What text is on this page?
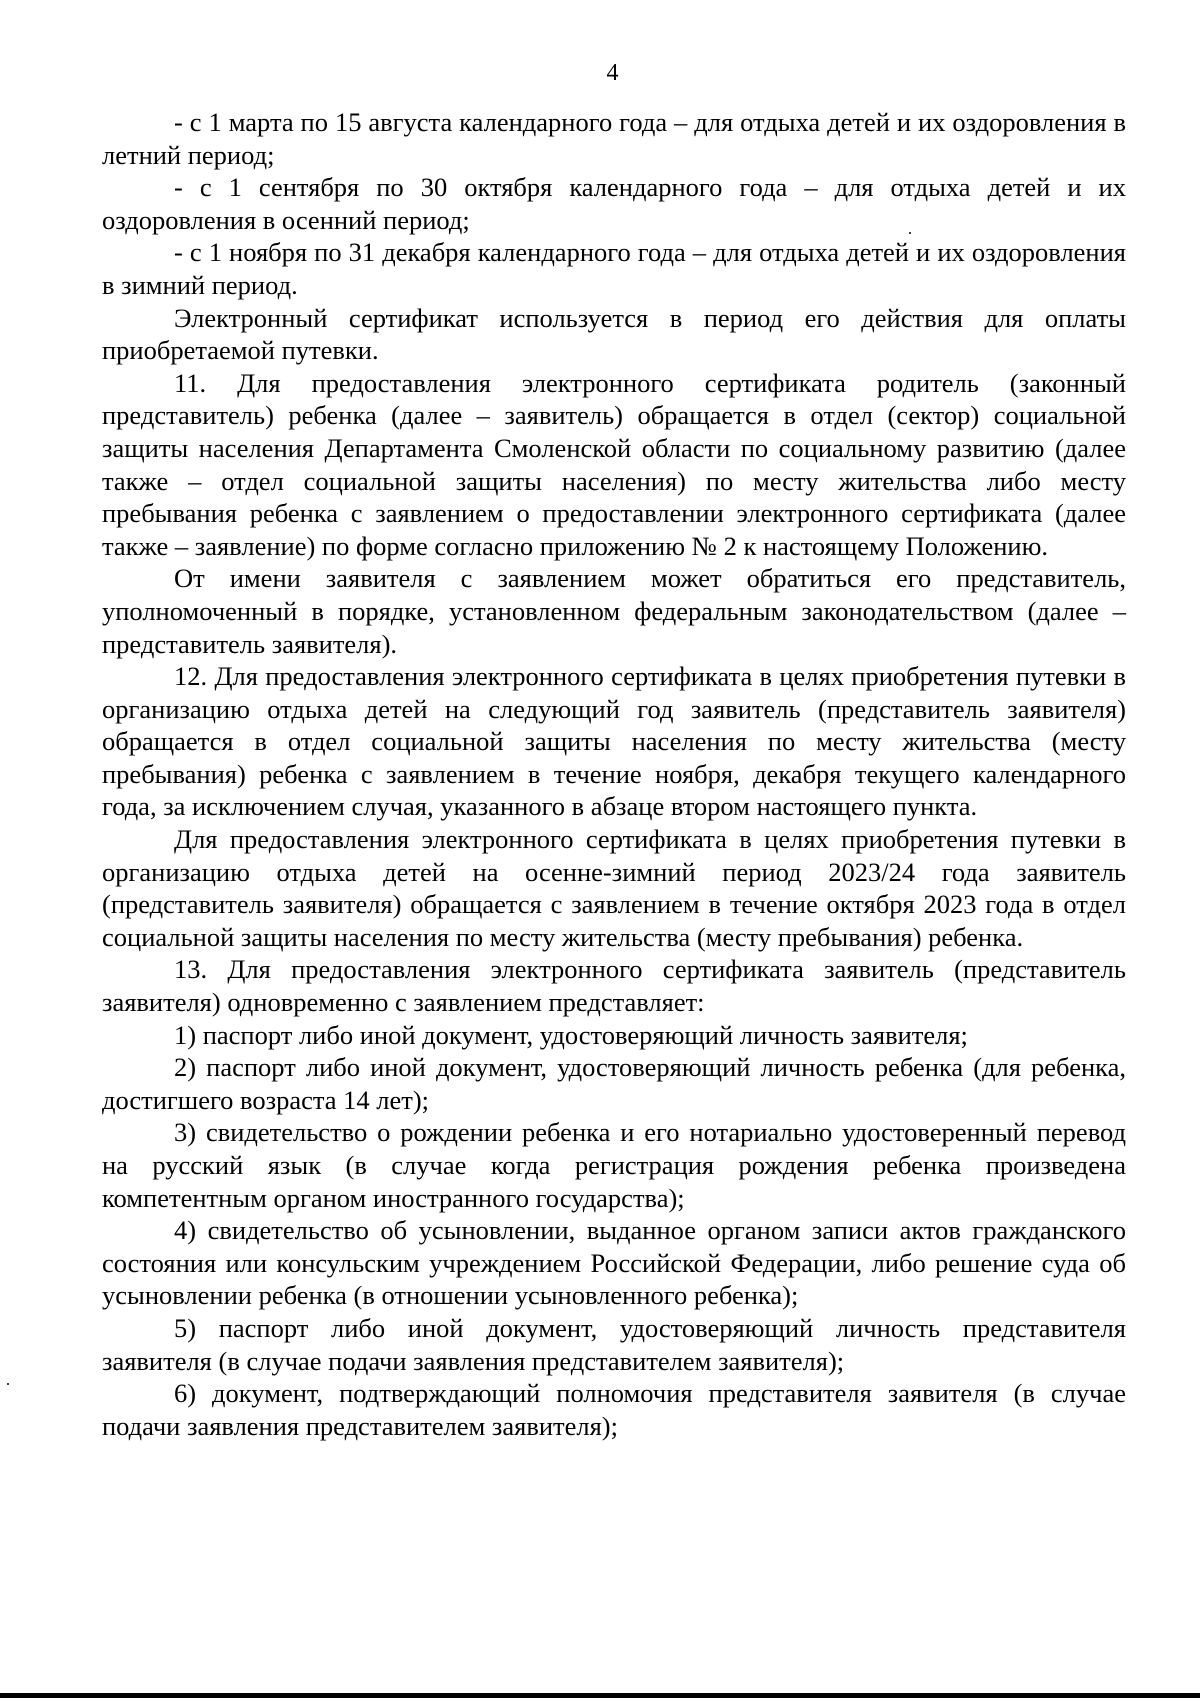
4

- с 1 марта по 15 августа календарного года – для отдыха детей и их оздоровления в летний период;

- с 1 сентября по 30 октября календарного года – для отдыха детей и их оздоровления в осенний период;

- с 1 ноября по 31 декабря календарного года – для отдыха детей и их оздоровления в зимний период.

Электронный сертификат используется в период его действия для оплаты приобретаемой путевки.

11. Для предоставления электронного сертификата родитель (законный представитель) ребенка (далее – заявитель) обращается в отдел (сектор) социальной защиты населения Департамента Смоленской области по социальному развитию (далее также – отдел социальной защиты населения) по месту жительства либо месту пребывания ребенка с заявлением о предоставлении электронного сертификата (далее также – заявление) по форме согласно приложению № 2 к настоящему Положению.

От имени заявителя с заявлением может обратиться его представитель, уполномоченный в порядке, установленном федеральным законодательством (далее – представитель заявителя).

12. Для предоставления электронного сертификата в целях приобретения путевки в организацию отдыха детей на следующий год заявитель (представитель заявителя) обращается в отдел социальной защиты населения по месту жительства (месту пребывания) ребенка с заявлением в течение ноября, декабря текущего календарного года, за исключением случая, указанного в абзаце втором настоящего пункта.

Для предоставления электронного сертификата в целях приобретения путевки в организацию отдыха детей на осенне-зимний период 2023/24 года заявитель (представитель заявителя) обращается с заявлением в течение октября 2023 года в отдел социальной защиты населения по месту жительства (месту пребывания) ребенка.

13. Для предоставления электронного сертификата заявитель (представитель заявителя) одновременно с заявлением представляет:

1) паспорт либо иной документ, удостоверяющий личность заявителя;

2) паспорт либо иной документ, удостоверяющий личность ребенка (для ребенка, достигшего возраста 14 лет);

3) свидетельство о рождении ребенка и его нотариально удостоверенный перевод на русский язык (в случае когда регистрация рождения ребенка произведена компетентным органом иностранного государства);

4) свидетельство об усыновлении, выданное органом записи актов гражданского состояния или консульским учреждением Российской Федерации, либо решение суда об усыновлении ребенка (в отношении усыновленного ребенка);

5) паспорт либо иной документ, удостоверяющий личность представителя заявителя (в случае подачи заявления представителем заявителя);

6) документ, подтверждающий полномочия представителя заявителя (в случае подачи заявления представителем заявителя);
